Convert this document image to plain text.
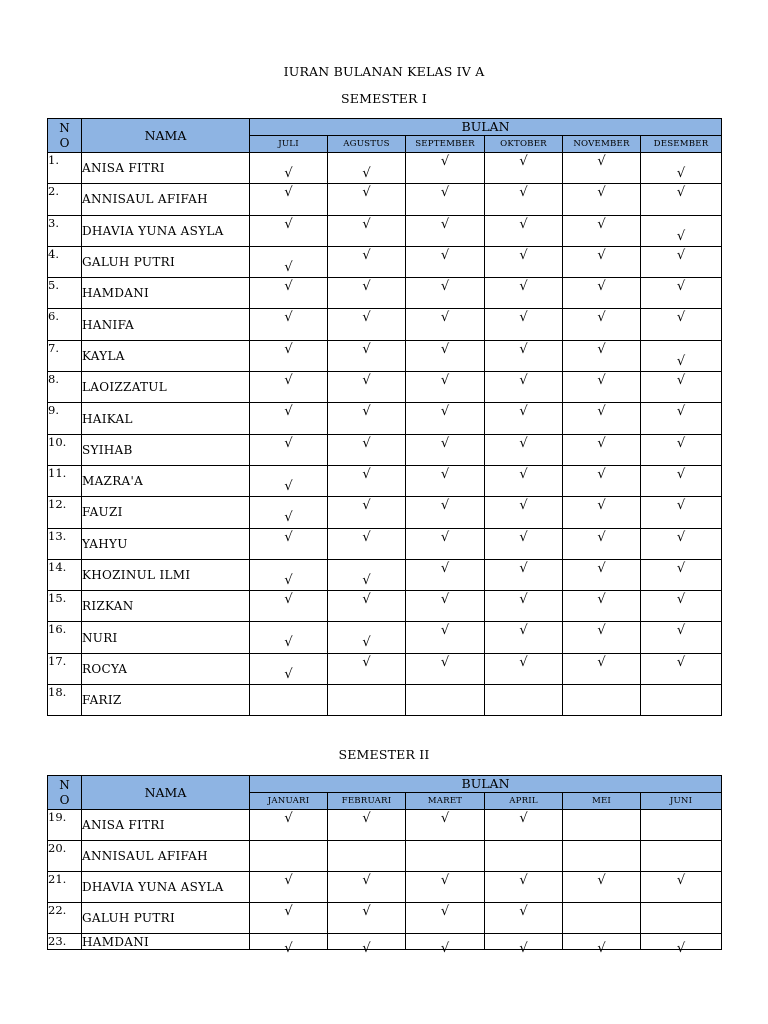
IURAN BULANAN KELAS IV A
SEMESTER I
N
O	NAMA	BULAN					
		JULI	AGUSTUS	SEPTEMBER	OKTOBER	NOVEMBER	DESEMBER
1.	ANISA FITRI	√	√	√	√	√	√

2.	ANNISAUL AFIFAH	√	√	√	√	√	√

3.	DHAVIA YUNA ASYLA	√	√	√	√	√	√

4.	GALUH PUTRI	√	√	√	√	√	√

5.	HAMDANI	√	√	√	√	√	√

6.	HANIFA	√	√	√	√	√	√

7.	KAYLA	√	√	√	√	√	√

8.	LAOIZZATUL	√	√	√	√	√	√

9.	HAIKAL	√	√	√	√	√	√

10.	SYIHAB	√	√	√	√	√	√

11.	MAZRA'A	√	√	√	√	√	√

12.	FAUZI	√	√	√	√	√	√

13.	YAHYU	√	√	√	√	√	√

14.	KHOZINUL ILMI	√	√	√	√	√	√

15.	RIZKAN	√	√	√	√	√	√

16.	NURI	√	√	√	√	√	√

17.	ROCYA	√	√	√	√	√	√

18.	FARIZ						
SEMESTER II
N
O	NAMA	BULAN					
		JANUARI	FEBRUARI	MARET	APRIL	MEI	JUNI
19.	ANISA FITRI	√	√	√	√		

20.	ANNISAUL AFIFAH						
21.	DHAVIA YUNA ASYLA	√	√	√	√	√	√

22.	GALUH PUTRI	√	√	√	√		

23.	HAMDANI	√	√	√	√	√	√
